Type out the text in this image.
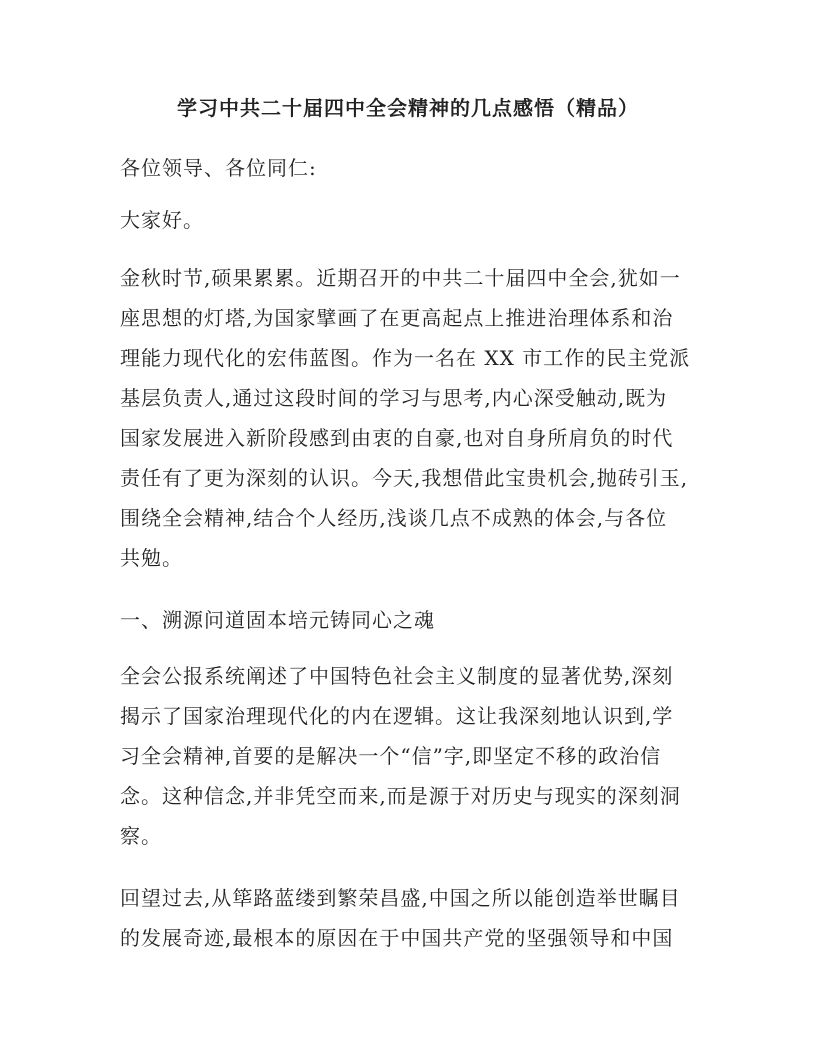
学习中共二十届四中全会精神的几点感悟（精品）

各位领导、各位同仁:

大家好。

金秋时节,硕果累累。近期召开的中共二十届四中全会,犹如一
座思想的灯塔,为国家擘画了在更高起点上推进治理体系和治
理能力现代化的宏伟蓝图。作为一名在 XX 市工作的民主党派
基层负责人,通过这段时间的学习与思考,内心深受触动,既为
国家发展进入新阶段感到由衷的自豪,也对自身所肩负的时代
责任有了更为深刻的认识。今天,我想借此宝贵机会,抛砖引玉,
围绕全会精神,结合个人经历,浅谈几点不成熟的体会,与各位
共勉。

一、溯源问道固本培元铸同心之魂

全会公报系统阐述了中国特色社会主义制度的显著优势,深刻
揭示了国家治理现代化的内在逻辑。这让我深刻地认识到,学
习全会精神,首要的是解决一个“信”字,即坚定不移的政治信
念。这种信念,并非凭空而来,而是源于对历史与现实的深刻洞
察。
回望过去,从筚路蓝缕到繁荣昌盛,中国之所以能创造举世瞩目
的发展奇迹,最根本的原因在于中国共产党的坚强领导和中国
